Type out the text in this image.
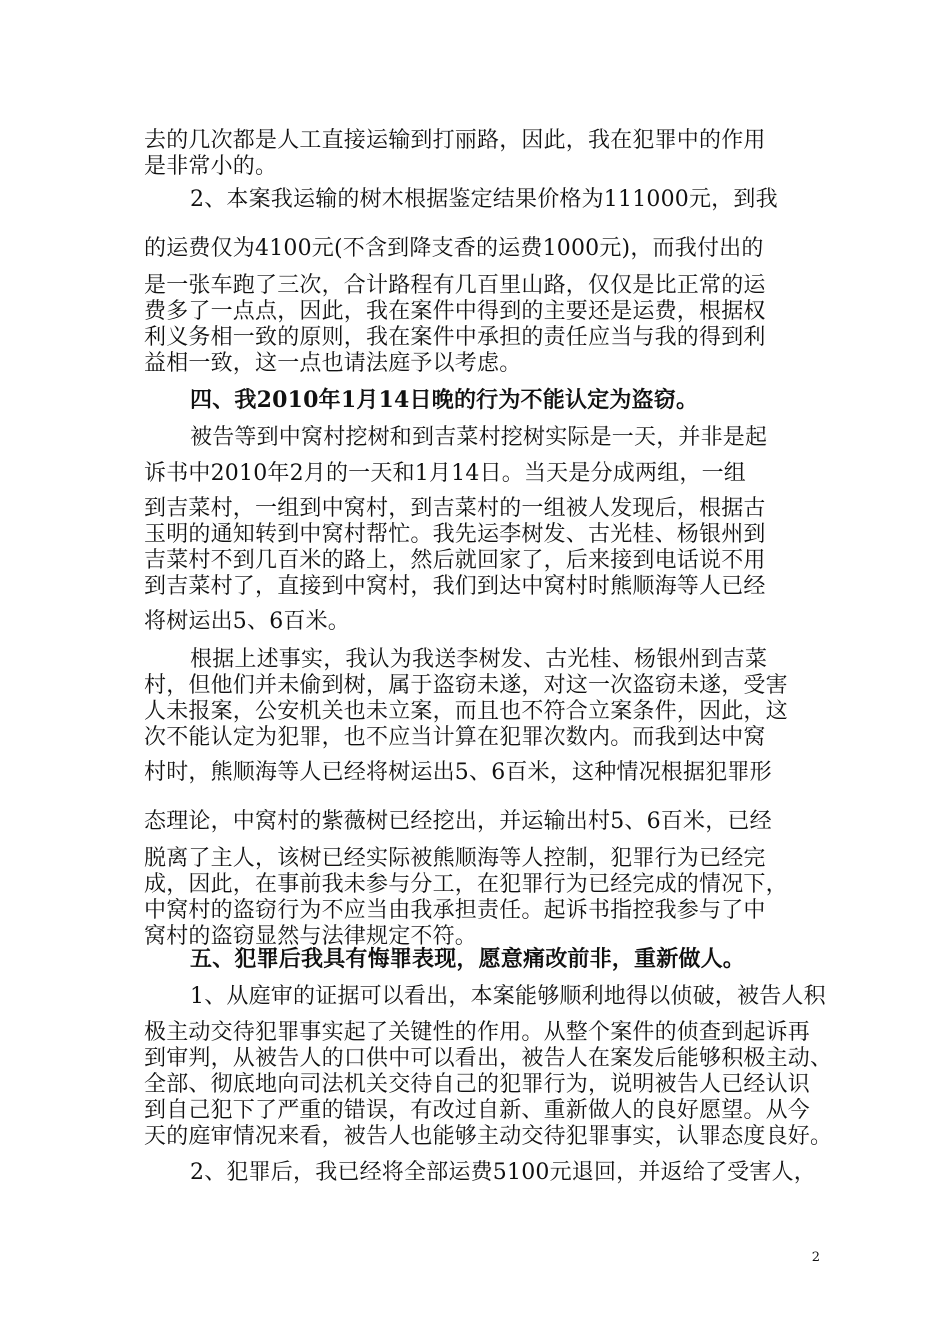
去的几次都是人工直接运输到打丽路，因此，我在犯罪中的作用
是非常小的。
2、本案我运输的树木根据鉴定结果价格为111000元，到我
的运费仅为4100元(不含到降支香的运费1000元)，而我付出的
是一张车跑了三次，合计路程有几百里山路，仅仅是比正常的运
费多了一点点，因此，我在案件中得到的主要还是运费，根据权
利义务相一致的原则，我在案件中承担的责任应当与我的得到利
益相一致，这一点也请法庭予以考虑。
四、我2010年1月14日晚的行为不能认定为盗窃。
被告等到中窝村挖树和到吉菜村挖树实际是一天，并非是起
诉书中2010年2月的一天和1月14日。当天是分成两组，一组
到吉菜村，一组到中窝村，到吉菜村的一组被人发现后，根据古
玉明的通知转到中窝村帮忙。我先运李树发、古光桂、杨银州到
吉菜村不到几百米的路上，然后就回家了，后来接到电话说不用
到吉菜村了，直接到中窝村，我们到达中窝村时熊顺海等人已经
将树运出5、6百米。
根据上述事实，我认为我送李树发、古光桂、杨银州到吉菜
村，但他们并未偷到树，属于盗窃未遂，对这一次盗窃未遂，受害
人未报案，公安机关也未立案，而且也不符合立案条件，因此，这
次不能认定为犯罪，也不应当计算在犯罪次数内。而我到达中窝
村时，熊顺海等人已经将树运出5、6百米，这种情况根据犯罪形
态理论，中窝村的紫薇树已经挖出，并运输出村5、6百米，已经
脱离了主人，该树已经实际被熊顺海等人控制，犯罪行为已经完
成，因此，在事前我未参与分工，在犯罪行为已经完成的情况下，
中窝村的盗窃行为不应当由我承担责任。起诉书指控我参与了中
窝村的盗窃显然与法律规定不符。
五、犯罪后我具有悔罪表现，愿意痛改前非，重新做人。
1、从庭审的证据可以看出，本案能够顺利地得以侦破，被告人积
极主动交待犯罪事实起了关键性的作用。从整个案件的侦查到起诉再
到审判，从被告人的口供中可以看出，被告人在案发后能够积极主动、
全部、彻底地向司法机关交待自己的犯罪行为，说明被告人已经认识
到自己犯下了严重的错误，有改过自新、重新做人的良好愿望。从今
天的庭审情况来看，被告人也能够主动交待犯罪事实，认罪态度良好。
2、犯罪后，我已经将全部运费5100元退回，并返给了受害人，
2
